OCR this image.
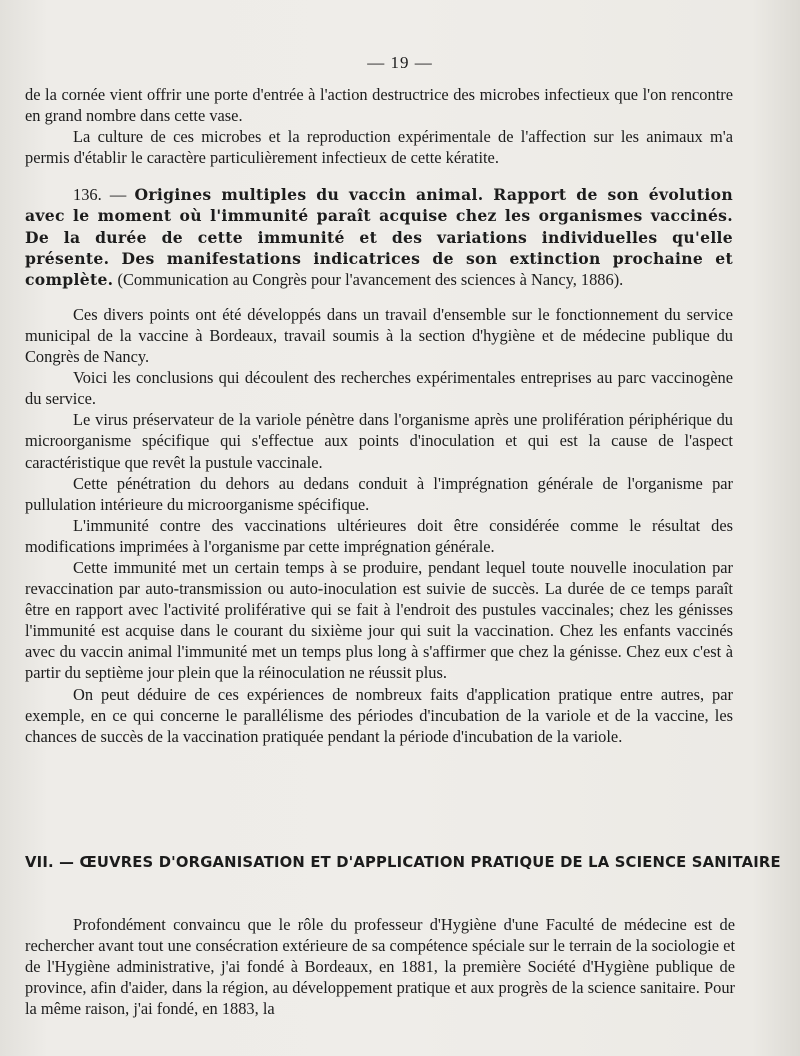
— 19 —

de la cornée vient offrir une porte d'entrée à l'action destructrice des microbes infectieux que l'on rencontre en grand nombre dans cette vase.

La culture de ces microbes et la reproduction expérimentale de l'affection sur les animaux m'a permis d'établir le caractère particulièrement infectieux de cette kératite.

136. — Origines multiples du vaccin animal. Rapport de son évolution avec le moment où l'immunité paraît acquise chez les organismes vaccinés. De la durée de cette immunité et des variations individuelles qu'elle présente. Des manifestations indicatrices de son extinction prochaine et complète. (Communication au Congrès pour l'avancement des sciences à Nancy, 1886).

Ces divers points ont été développés dans un travail d'ensemble sur le fonctionnement du service municipal de la vaccine à Bordeaux, travail soumis à la section d'hygiène et de médecine publique du Congrès de Nancy.

Voici les conclusions qui découlent des recherches expérimentales entreprises au parc vaccinogène du service.

Le virus préservateur de la variole pénètre dans l'organisme après une prolifération périphérique du microorganisme spécifique qui s'effectue aux points d'inoculation et qui est la cause de l'aspect caractéristique que revêt la pustule vaccinale.

Cette pénétration du dehors au dedans conduit à l'imprégnation générale de l'organisme par pullulation intérieure du microorganisme spécifique.

L'immunité contre des vaccinations ultérieures doit être considérée comme le résultat des modifications imprimées à l'organisme par cette imprégnation générale.

Cette immunité met un certain temps à se produire, pendant lequel toute nouvelle inoculation par revaccination par auto-transmission ou auto-inoculation est suivie de succès. La durée de ce temps paraît être en rapport avec l'activité proliférative qui se fait à l'endroit des pustules vaccinales; chez les génisses l'immunité est acquise dans le courant du sixième jour qui suit la vaccination. Chez les enfants vaccinés avec du vaccin animal l'immunité met un temps plus long à s'affirmer que chez la génisse. Chez eux c'est à partir du septième jour plein que la réinoculation ne réussit plus.

On peut déduire de ces expériences de nombreux faits d'application pratique entre autres, par exemple, en ce qui concerne le parallélisme des périodes d'incubation de la variole et de la vaccine, les chances de succès de la vaccination pratiquée pendant la période d'incubation de la variole.

VII. — ŒUVRES D'ORGANISATION ET D'APPLICATION PRATIQUE DE LA SCIENCE SANITAIRE

Profondément convaincu que le rôle du professeur d'Hygiène d'une Faculté de médecine est de rechercher avant tout une consécration extérieure de sa compétence spéciale sur le terrain de la sociologie et de l'Hygiène administrative, j'ai fondé à Bordeaux, en 1881, la première Société d'Hygiène publique de province, afin d'aider, dans la région, au développement pratique et aux progrès de la science sanitaire. Pour la même raison, j'ai fondé, en 1883, la
